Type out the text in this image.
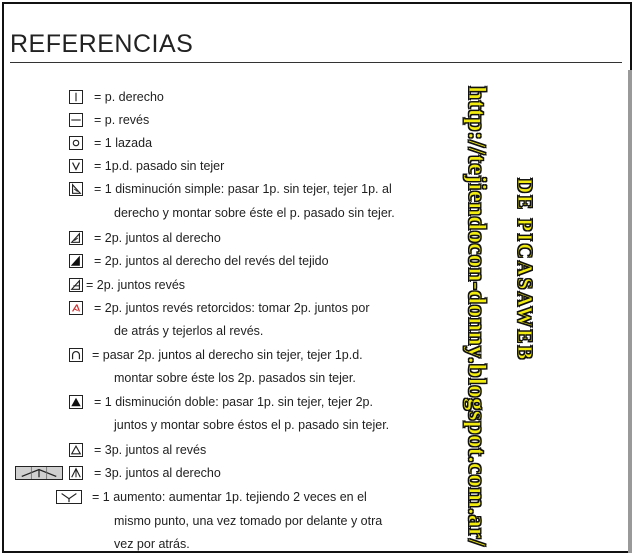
REFERENCIAS
= p. derecho
= p. revés
= 1 lazada
= 1p.d. pasado sin tejer
= 1 disminución simple: pasar 1p. sin tejer, tejer 1p. al
derecho y montar sobre éste el p. pasado sin tejer.
= 2p. juntos al derecho
= 2p. juntos al derecho del revés del tejido
= 2p. juntos revés
= 2p. juntos revés retorcidos: tomar 2p. juntos por
de atrás y tejerlos al revés.
= pasar 2p. juntos al derecho sin tejer, tejer 1p.d.
montar sobre éste los 2p. pasados sin tejer.
= 1 disminución doble: pasar 1p. sin tejer, tejer 2p.
juntos y montar sobre éstos el p. pasado sin tejer.
= 3p. juntos al revés
= 3p. juntos al derecho
= 1 aumento: aumentar 1p. tejiendo 2 veces en el
mismo punto, una vez tomado por delante y otra
vez por atrás.	http://tejiendocon-donny.blogspot.com.ar/ DE PICASAWEB
